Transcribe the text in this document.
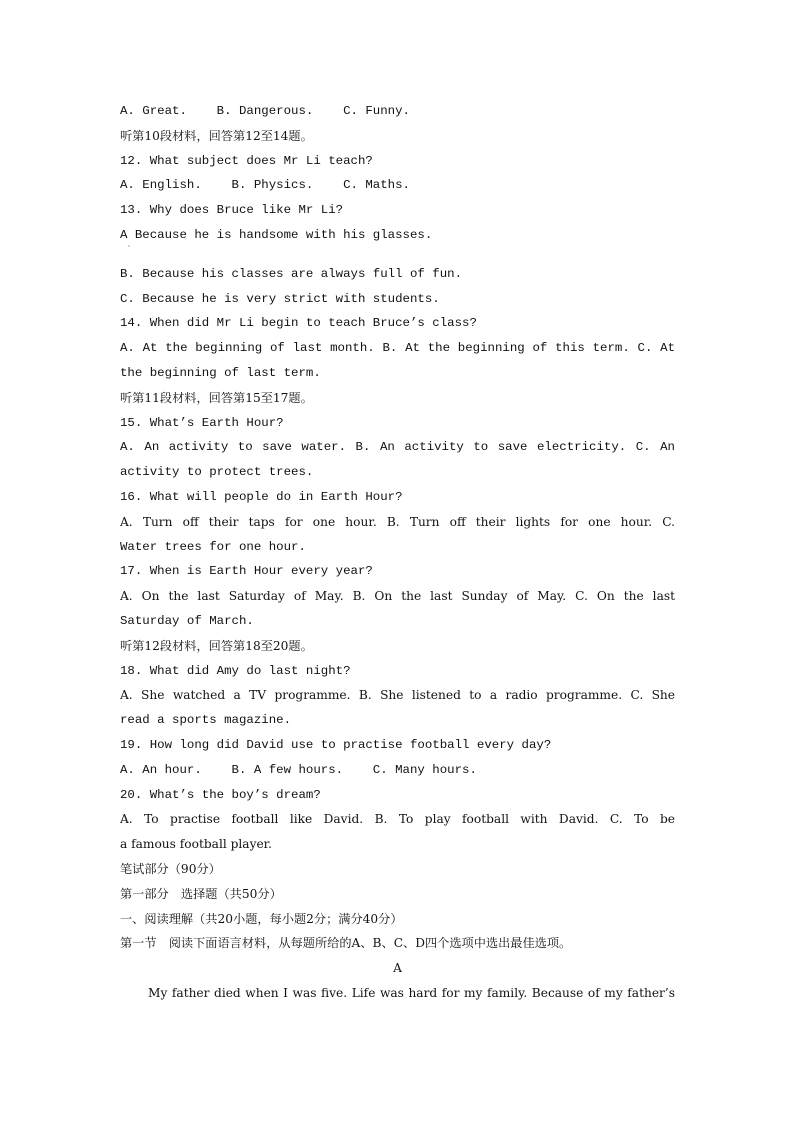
A. Great.    B. Dangerous.    C. Funny.
听第10段材料，回答第12至14题。
12. What subject does Mr Li teach?
A. English.    B. Physics.    C. Maths.
13. Why does Bruce like Mr Li?
A Because he is handsome with his glasses.
`
B. Because his classes are always full of fun.
C. Because he is very strict with students.
14. When did Mr Li begin to teach Bruce’s class?
A. At the beginning of last month. B. At the beginning of this term. C. At
the beginning of last term.
听第11段材料，回答第15至17题。
15. What’s Earth Hour?
A. An activity to save water. B. An activity to save electricity. C. An
activity to protect trees.
16. What will people do in Earth Hour?
A. Turn off their taps for one hour. B. Turn off their lights for one hour. C.
Water trees for one hour.
17. When is Earth Hour every year?
A. On the last Saturday of May. B. On the last Sunday of May. C. On the last
Saturday of March.
听第12段材料，回答第18至20题。
18. What did Amy do last night?
A. She watched a TV programme. B. She listened to a radio programme. C. She
read a sports magazine.
19. How long did David use to practise football every day?
A. An hour.    B. A few hours.    C. Many hours.
20. What’s the boy’s dream?
A. To practise football like David. B. To play football with David. C. To be
a famous football player.
笔试部分（90分）
第一部分　选择题（共50分）
一、阅读理解（共20小题，每小题2分；满分40分）
第一节　阅读下面语言材料，从每题所给的A、B、C、D四个选项中选出最佳选项。
A
My father died when I was five. Life was hard for my family. Because of my father’s
